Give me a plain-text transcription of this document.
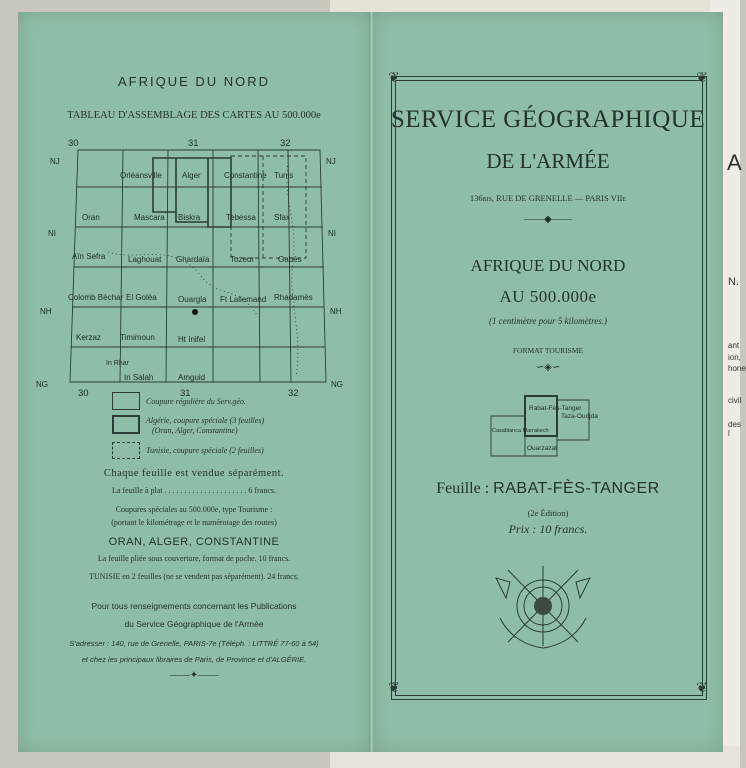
A
N.
ant
ion,
hone
civil
des l
AFRIQUE DU NORD
TABLEAU D'ASSEMBLAGE DES CARTES AU 500.000e
30	31	32
30	31	32
NJ	NJ
NI	NI
NH	NH
NG	NG
Orléansville	Alger	Constantine Tunis
Oran	Mascara Biskra	Tebessa Sfax
Aïn Sefra	Laghouat Ghardaïa	Tozeur	Gabès
Colomb Béchar El Goléa	Ouargla Ft Lallemand Rhadamès
Kerzaz Timimoun	Ht Inifel
In Rhar
In Salah	Amguid
Coupure régulière du Serv.géo.
Algérie, coupure spéciale (3 feuilles)
(Oran, Alger, Constantine)
Tunisie, coupure spéciale (2 feuilles)
Chaque feuille est vendue séparément.
La feuille à plat . . . . . . . . . . . . . . . . . . . . . 6 francs.
Coupures spéciales au 500.000e, type Tourisme :
(portant le kilométrage et le numérotage des routes)
ORAN, ALGER, CONSTANTINE
La feuille pliée sous couverture, format de poche. 10 francs.
TUNISIE en 2 feuilles (ne se vendent pas séparément). 24 francs.
Pour tous renseignements concernant les Publications
du Service Géographique de l'Armée
S'adresser : 140, rue de Grenelle, PARIS-7e (Téléph. : LITTRÉ 77-60 à 54)
et chez les principaux libraires de Paris, de Province et d'ALGÉRIE.
——✦——
❦	❦
❦	❦
SERVICE GÉOGRAPHIQUE
DE L'ARMÉE
136bis, RUE DE GRENELLE — PARIS VIIe
——◆——
AFRIQUE DU NORD
AU 500.000e
(1 centimètre pour 5 kilomètres.)
FORMAT TOURISME
∽◈∽
Rabat-Fès-Tanger
Taza-Oudjda
Casablanca Marrakech
Ouarzazat
Feuille : RABAT-FÈS-TANGER
(2e Édition)
Prix : 10 francs.
